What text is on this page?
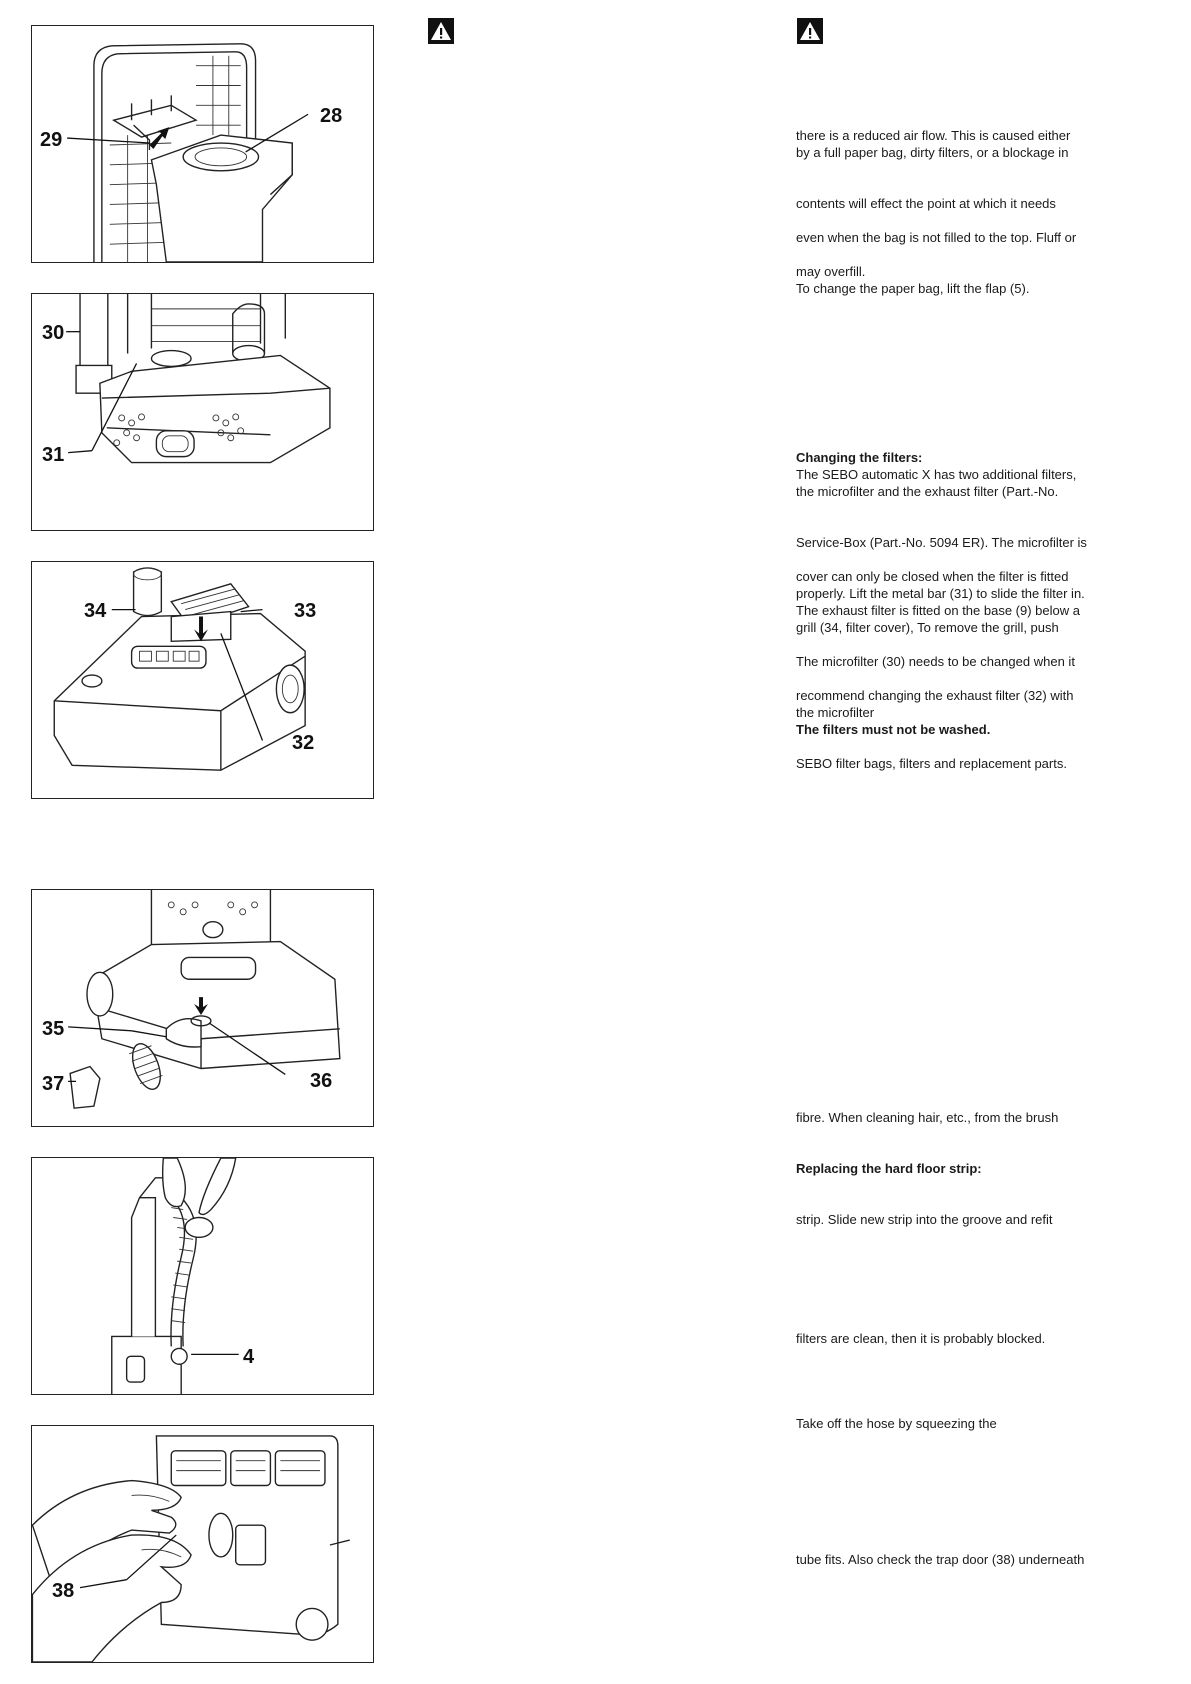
29
28
30
31
34	33
32
35
37	36
4
38
there is a reduced air flow. This is caused either
by a full paper bag, dirty filters, or a blockage in
contents will effect the point at which it needs
even when the bag is not filled to the top. Fluff or
may overfill.
To change the paper bag, lift the flap (5).
Changing the filters:
The SEBO automatic X has two additional filters,
the microfilter and the exhaust filter (Part.-No.
Service-Box (Part.-No. 5094 ER). The microfilter is
cover can only be closed when the filter is fitted
properly. Lift the metal bar (31) to slide the filter in.
The exhaust filter is fitted on the base (9) below a
grill (34, filter cover), To remove the grill, push
The microfilter (30) needs to be changed when it
recommend changing the exhaust filter (32) with
the microfilter
The filters must not be washed.
SEBO filter bags, filters and replacement parts.
fibre. When cleaning hair, etc., from the brush
Replacing the hard floor strip:
strip. Slide new strip into the groove and refit
filters are clean, then it is probably blocked.
Take off the hose by squeezing the
tube fits. Also check the trap door (38) underneath
